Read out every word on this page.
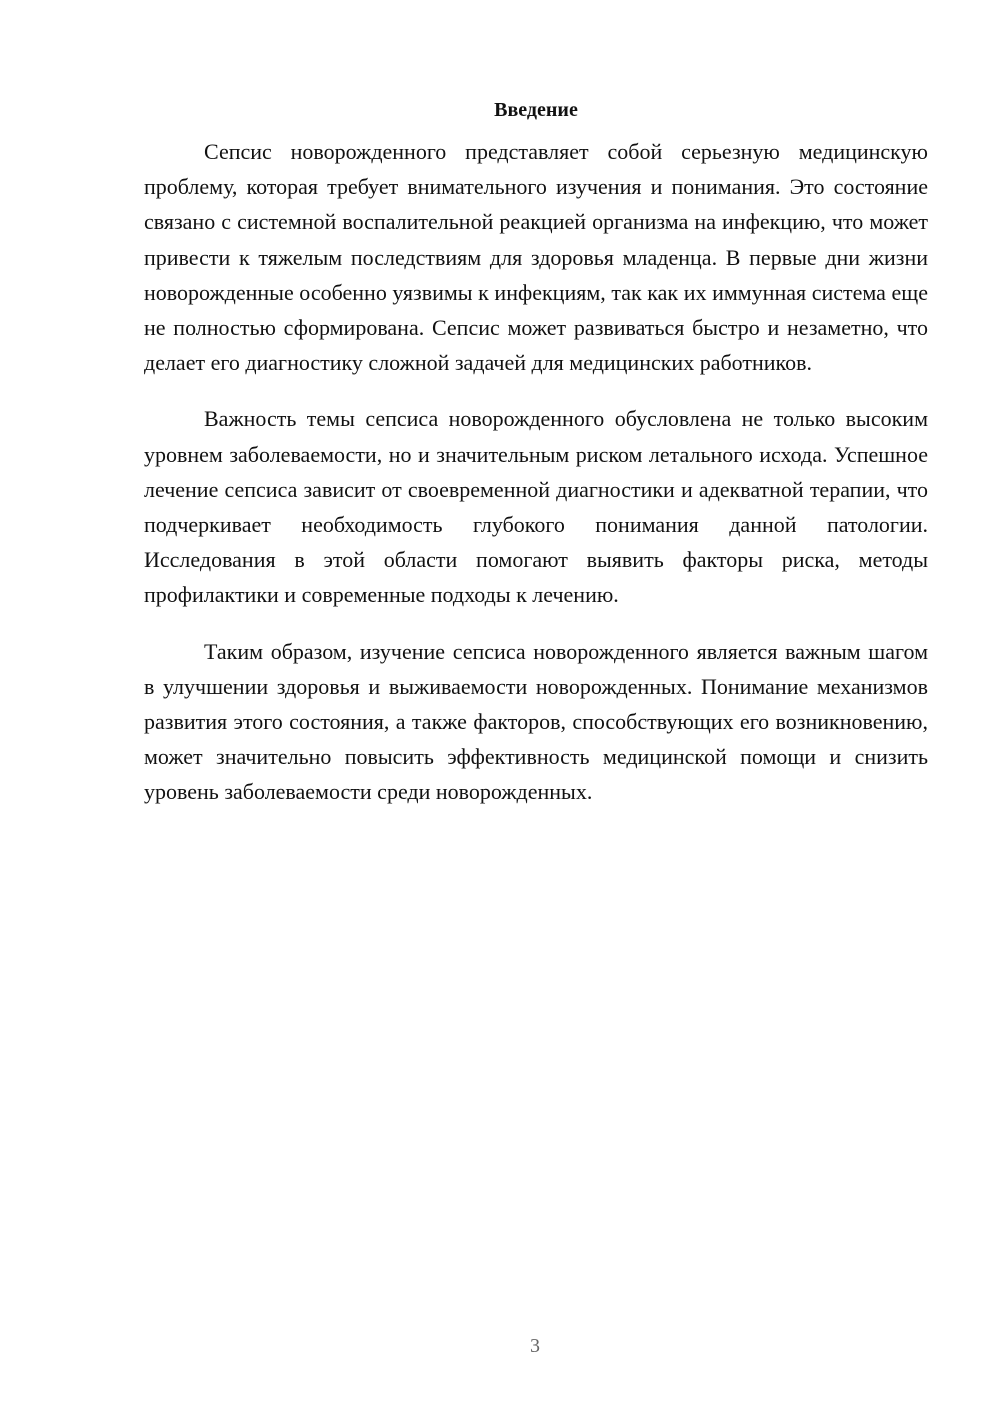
Введение

Сепсис новорожденного представляет собой серьезную медицинскую проблему, которая требует внимательного изучения и понимания. Это состояние связано с системной воспалительной реакцией организма на инфекцию, что может привести к тяжелым последствиям для здоровья младенца. В первые дни жизни новорожденные особенно уязвимы к инфекциям, так как их иммунная система еще не полностью сформирована. Сепсис может развиваться быстро и незаметно, что делает его диагностику сложной задачей для медицинских работников.

Важность темы сепсиса новорожденного обусловлена не только высоким уровнем заболеваемости, но и значительным риском летального исхода. Успешное лечение сепсиса зависит от своевременной диагностики и адекватной терапии, что подчеркивает необходимость глубокого понимания данной патологии. Исследования в этой области помогают выявить факторы риска, методы профилактики и современные подходы к лечению.

Таким образом, изучение сепсиса новорожденного является важным шагом в улучшении здоровья и выживаемости новорожденных. Понимание механизмов развития этого состояния, а также факторов, способствующих его возникновению, может значительно повысить эффективность медицинской помощи и снизить уровень заболеваемости среди новорожденных.

3
